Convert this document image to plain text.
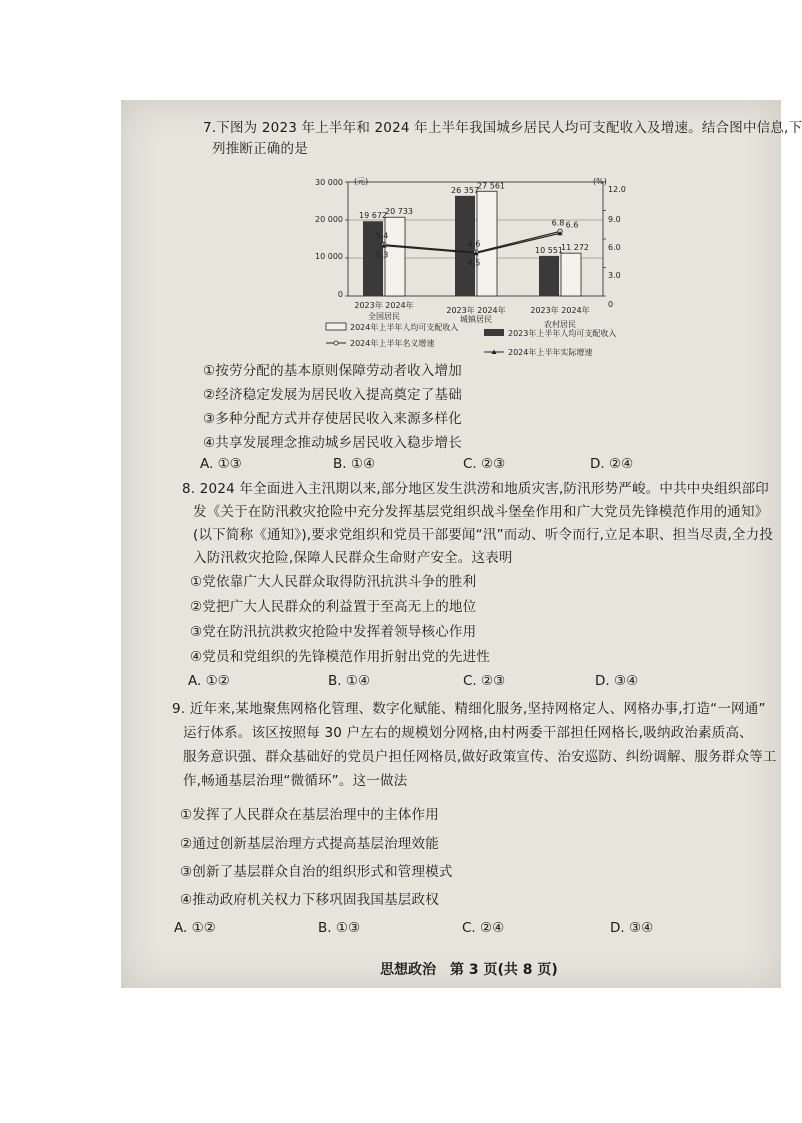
7.下图为 2023 年上半年和 2024 年上半年我国城乡居民人均可支配收入及增速。结合图中信息,下
列推断正确的是
(元)	(%)
30 000
20 000
10 000
0
12.0
9.0
6.0
3.0
0
19 672
20 733
26 357
27 561
10 551
11 272
5.4
5.3
4.6
4.5
6.8 6.6
2023年 2024年
2023年 2024年	2023年 2024年
全国居民	城镇居民
农村居民
2024年上半年人均可支配收入
2023年上半年人均可支配收入
2024年上半年名义增速
2024年上半年实际增速
①按劳分配的基本原则保障劳动者收入增加
②经济稳定发展为居民收入提高奠定了基础
③多种分配方式并存使居民收入来源多样化
④共享发展理念推动城乡居民收入稳步增长
A. ①③	B. ①④	C. ②③	D. ②④
8. 2024 年全面进入主汛期以来,部分地区发生洪涝和地质灾害,防汛形势严峻。中共中央组织部印
发《关于在防汛救灾抢险中充分发挥基层党组织战斗堡垒作用和广大党员先锋模范作用的通知》
(以下简称《通知》),要求党组织和党员干部要闻“汛”而动、听令而行,立足本职、担当尽责,全力投
入防汛救灾抢险,保障人民群众生命财产安全。这表明
①党依靠广大人民群众取得防汛抗洪斗争的胜利
②党把广大人民群众的利益置于至高无上的地位
③党在防汛抗洪救灾抢险中发挥着领导核心作用
④党员和党组织的先锋模范作用折射出党的先进性
A. ①②	B. ①④	C. ②③	D. ③④
9. 近年来,某地聚焦网格化管理、数字化赋能、精细化服务,坚持网格定人、网格办事,打造“一网通”
运行体系。该区按照每 30 户左右的规模划分网格,由村两委干部担任网格长,吸纳政治素质高、
服务意识强、群众基础好的党员户担任网格员,做好政策宣传、治安巡防、纠纷调解、服务群众等工
作,畅通基层治理“微循环”。这一做法
①发挥了人民群众在基层治理中的主体作用
②通过创新基层治理方式提高基层治理效能
③创新了基层群众自治的组织形式和管理模式
④推动政府机关权力下移巩固我国基层政权
A. ①②	B. ①③	C. ②④	D. ③④
思想政治　第 3 页(共 8 页)
